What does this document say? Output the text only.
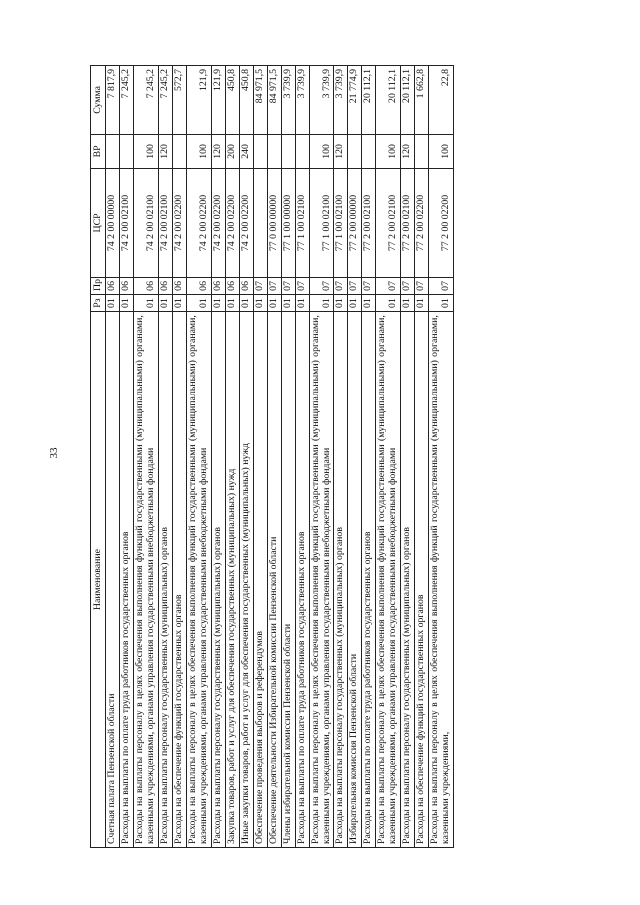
33
Наименование	Рз	Пр	ЦСР	ВР	Сумма
Счетная палата Пензенской области	01	06	74 2 00 00000		7 817,9
Расходы на выплаты по оплате труда работников государственных органов	01	06	74 2 00 02100		7 245,2
Расходы на выплаты персоналу в целях обеспечения выполнения функций государственными (муниципальными) органами, казенными учреждениями, органами управления государственными внебюджетными фондами	01	06	74 2 00 02100	100	7 245,2
Расходы на выплаты персоналу государственных (муниципальных) органов	01	06	74 2 00 02100	120	7 245,2
Расходы на обеспечение функций государственных органов	01	06	74 2 00 02200		572,7
Расходы на выплаты персоналу в целях обеспечения выполнения функций государственными (муниципальными) органами, казенными учреждениями, органами управления государственными внебюджетными фондами	01	06	74 2 00 02200	100	121,9
Расходы на выплаты персоналу государственных (муниципальных) органов	01	06	74 2 00 02200	120	121,9
Закупка товаров, работ и услуг для обеспечения государственных (муниципальных) нужд	01	06	74 2 00 02200	200	450,8
Иные закупки товаров, работ и услуг для обеспечения государственных (муниципальных) нужд	01	06	74 2 00 02200	240	450,8
Обеспечение проведения выборов и референдумов	01	07			84 971,5
Обеспечение деятельности Избирательной комиссии Пензенской области	01	07	77 0 00 00000		84 971,5
Члены избирательной комиссии Пензенской области	01	07	77 1 00 00000		3 739,9
Расходы на выплаты по оплате труда работников государственных органов	01	07	77 1 00 02100		3 739,9
Расходы на выплаты персоналу в целях обеспечения выполнения функций государственными (муниципальными) органами, казенными учреждениями, органами управления государственными внебюджетными фондами	01	07	77 1 00 02100	100	3 739,9
Расходы на выплаты персоналу государственных (муниципальных) органов	01	07	77 1 00 02100	120	3 739,9
Избирательная комиссия Пензенской области	01	07	77 2 00 00000		21 774,9
Расходы на выплаты по оплате труда работников государственных органов	01	07	77 2 00 02100		20 112,1
Расходы на выплаты персоналу в целях обеспечения выполнения функций государственными (муниципальными) органами, казенными учреждениями, органами управления государственными внебюджетными фондами	01	07	77 2 00 02100	100	20 112,1
Расходы на выплаты персоналу государственных (муниципальных) органов	01	07	77 2 00 02100	120	20 112,1
Расходы на обеспечение функций государственных органов	01	07	77 2 00 02200		1 662,8
Расходы на выплаты персоналу в целях обеспечения выполнения функций государственными (муниципальными) органами, казенными учреждениями,	01	07	77 2 00 02200	100	22,8
